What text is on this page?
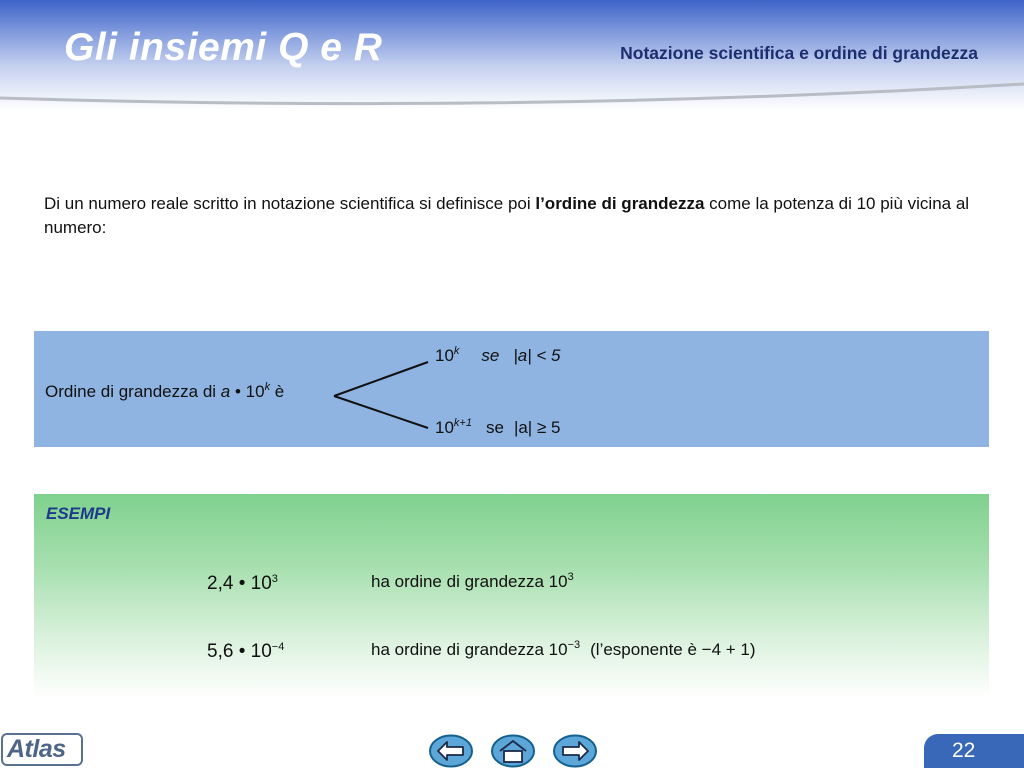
Gli insiemi Q e R	Notazione scientifica e ordine di grandezza
Di un numero reale scritto in notazione scientifica si definisce poi l’ordine di grandezza come la potenza di 10 più vicina al numero:
Ordine di grandezza di a • 10$^k$ è
10$^k$ se |a| < 5
$10^{k+1}$ se |a| ≥ 5
ESEMPI
2,4 • $10^3$	ha ordine di grandezza $10^3$
5,6 • $10^{-4}$	ha ordine di grandezza $10^{-3}$ (l’esponente è −4 + 1)
Atlas	22
